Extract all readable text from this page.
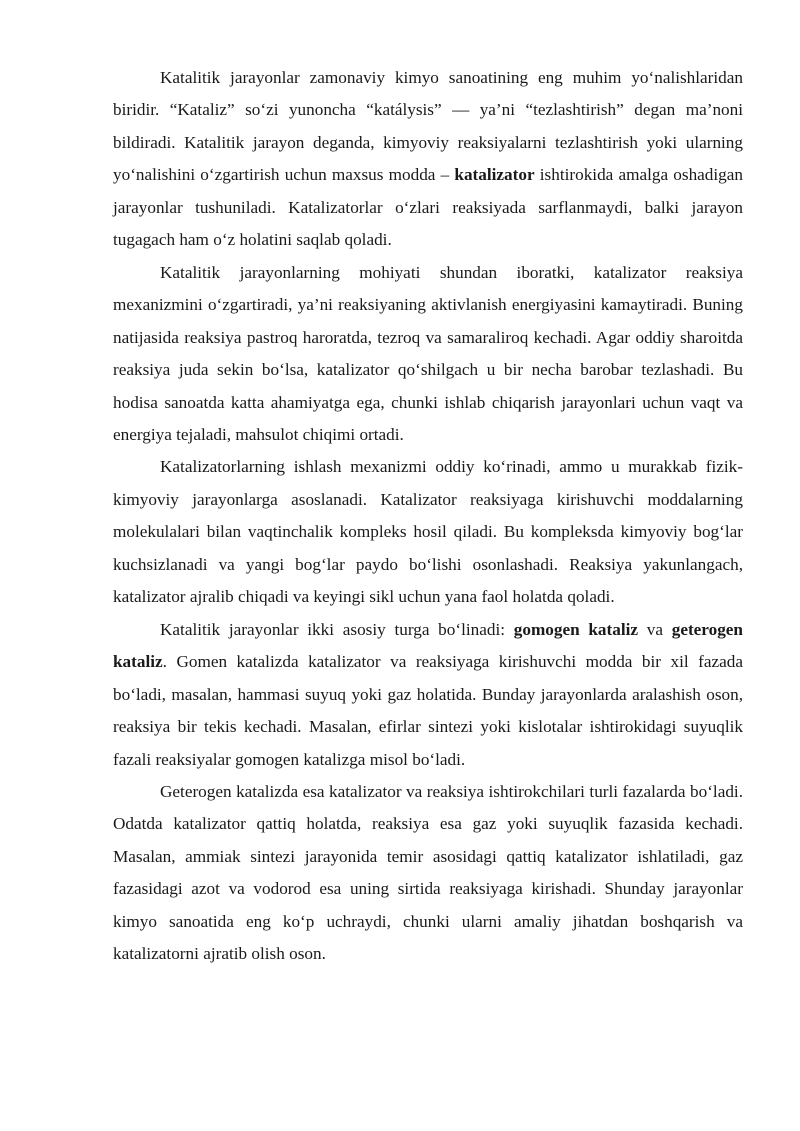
Katalitik jarayonlar zamonaviy kimyo sanoatining eng muhim yo‘nalishlaridan biridir. “Kataliz” so‘zi yunoncha “katálysis” — ya’ni “tezlashtirish” degan ma’noni bildiradi. Katalitik jarayon deganda, kimyoviy reaksiyalarni tezlashtirish yoki ularning yo‘nalishini o‘zgartirish uchun maxsus modda – katalizator ishtirokida amalga oshadigan jarayonlar tushuniladi. Katalizatorlar o‘zlari reaksiyada sarflanmaydi, balki jarayon tugagach ham o‘z holatini saqlab qoladi.

Katalitik jarayonlarning mohiyati shundan iboratki, katalizator reaksiya mexanizmini o‘zgartiradi, ya’ni reaksiyaning aktivlanish energiyasini kamaytiradi. Buning natijasida reaksiya pastroq haroratda, tezroq va samaraliroq kechadi. Agar oddiy sharoitda reaksiya juda sekin bo‘lsa, katalizator qo‘shilgach u bir necha barobar tezlashadi. Bu hodisa sanoatda katta ahamiyatga ega, chunki ishlab chiqarish jarayonlari uchun vaqt va energiya tejaladi, mahsulot chiqimi ortadi.

Katalizatorlarning ishlash mexanizmi oddiy ko‘rinadi, ammo u murakkab fizik-kimyoviy jarayonlarga asoslanadi. Katalizator reaksiyaga kirishuvchi moddalarning molekulalari bilan vaqtinchalik kompleks hosil qiladi. Bu kompleksda kimyoviy bog‘lar kuchsizlanadi va yangi bog‘lar paydo bo‘lishi osonlashadi. Reaksiya yakunlangach, katalizator ajralib chiqadi va keyingi sikl uchun yana faol holatda qoladi.

Katalitik jarayonlar ikki asosiy turga bo‘linadi: gomogen kataliz va geterogen kataliz. Gomen katalizda katalizator va reaksiyaga kirishuvchi modda bir xil fazada bo‘ladi, masalan, hammasi suyuq yoki gaz holatida. Bunday jarayonlarda aralashish oson, reaksiya bir tekis kechadi. Masalan, efirlar sintezi yoki kislotalar ishtirokidagi suyuqlik fazali reaksiyalar gomogen katalizga misol bo‘ladi.

Geterogen katalizda esa katalizator va reaksiya ishtirokchilari turli fazalarda bo‘ladi. Odatda katalizator qattiq holatda, reaksiya esa gaz yoki suyuqlik fazasida kechadi. Masalan, ammiak sintezi jarayonida temir asosidagi qattiq katalizator ishlatiladi, gaz fazasidagi azot va vodorod esa uning sirtida reaksiyaga kirishadi. Shunday jarayonlar kimyo sanoatida eng ko‘p uchraydi, chunki ularni amaliy jihatdan boshqarish va katalizatorni ajratib olish oson.
